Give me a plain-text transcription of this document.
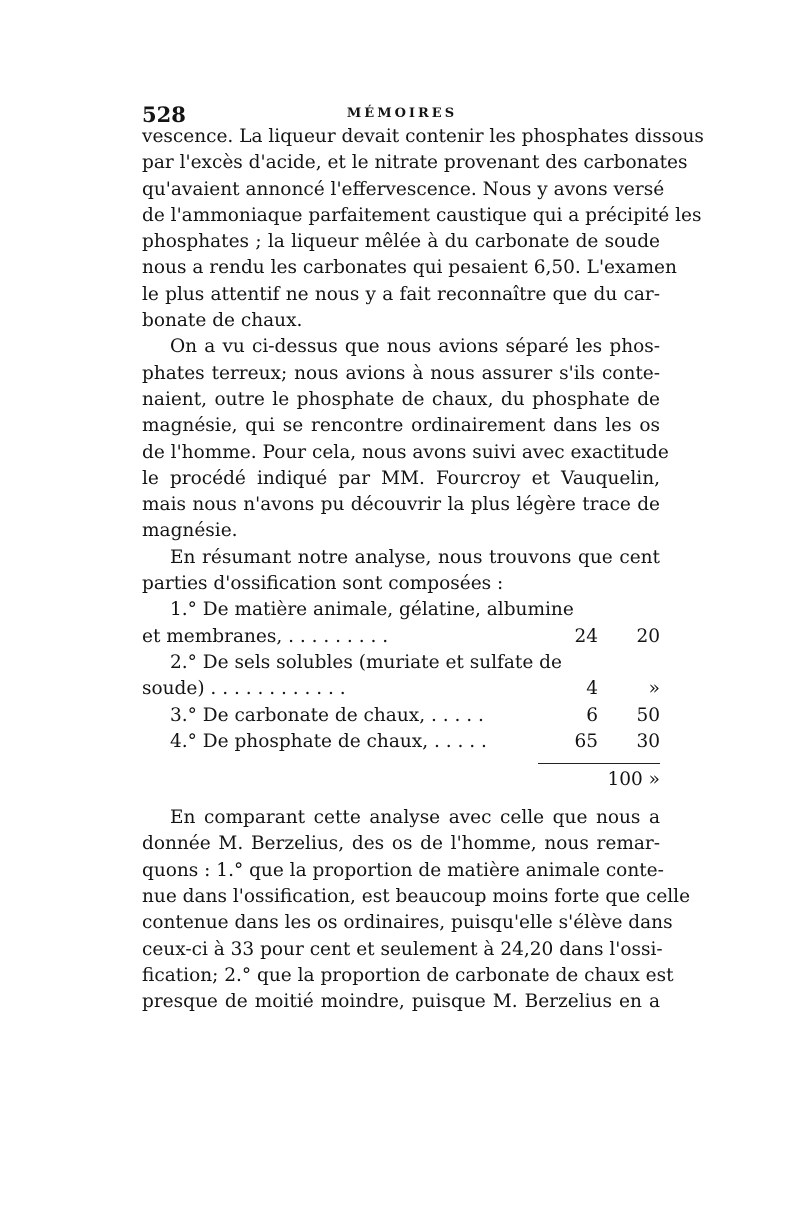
528	MÉMOIRES
vescence. La liqueur devait contenir les phosphates dissous
par l'excès d'acide, et le nitrate provenant des carbonates
qu'avaient annoncé l'effervescence. Nous y avons versé
de l'ammoniaque parfaitement caustique qui a précipité les
phosphates ; la liqueur mêlée à du carbonate de soude
nous a rendu les carbonates qui pesaient 6,50. L'examen
le plus attentif ne nous y a fait reconnaître que du car-
bonate de chaux.
On a vu ci-dessus que nous avions séparé les phos-
phates terreux; nous avions à nous assurer s'ils conte-
naient, outre le phosphate de chaux, du phosphate de
magnésie, qui se rencontre ordinairement dans les os
de l'homme. Pour cela, nous avons suivi avec exactitude
le procédé indiqué par MM. Fourcroy et Vauquelin,
mais nous n'avons pu découvrir la plus légère trace de
magnésie.
En résumant notre analyse, nous trouvons que cent
parties d'ossification sont composées :
1.° De matière animale, gélatine, albumine
et membranes, . . . . . . . . .	24	20
2.° De sels solubles (muriate et sulfate de
soude) . . . . . . . . . . . .	4	»
3.° De carbonate de chaux, . . . . .	6	50
4.° De phosphate de chaux, . . . . .	65	30
100 »
En comparant cette analyse avec celle que nous a
donnée M. Berzelius, des os de l'homme, nous remar-
quons : 1.° que la proportion de matière animale conte-
nue dans l'ossification, est beaucoup moins forte que celle
contenue dans les os ordinaires, puisqu'elle s'élève dans
ceux-ci à 33 pour cent et seulement à 24,20 dans l'ossi-
fication; 2.° que la proportion de carbonate de chaux est
presque de moitié moindre, puisque M. Berzelius en a
